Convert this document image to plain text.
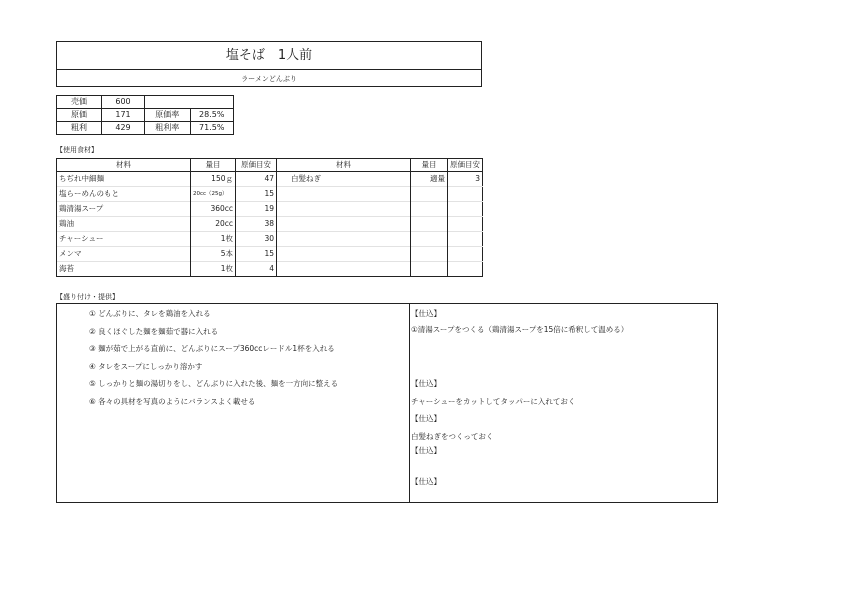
塩そば　1人前
ラーメンどんぶり
売価	600		
原価	171	原価率	28.5%
粗利	429	粗利率	71.5%
【使用食材】
材料	量目	原価目安	材料	量目	原価目安
ちぢれ中細麺	150ｇ	47	白髪ねぎ	適量	3
塩らーめんのもと	20cc（25g）	15			
鶏清湯スープ	360cc	19			
鶏油	20cc	38			
チャーシュー	1枚	30			
メンマ	5本	15			
海苔	1枚	4			
【盛り付け・提供】
① どんぶりに、タレを鶏油を入れる
② 良くほぐした麺を麺茹で器に入れる
③ 麺が茹で上がる直前に、どんぶりにスープ360ccレードル1杯を入れる
④ タレをスープにしっかり溶かす
⑤ しっかりと麺の湯切りをし、どんぶりに入れた後、麺を一方向に整える
⑥ 各々の具材を写真のようにバランスよく載せる
【仕込】
①清湯スープをつくる（鶏清湯スープを15倍に希釈して温める）
【仕込】
チャーシューをカットしてタッパーに入れておく
【仕込】
白髪ねぎをつくっておく
【仕込】
【仕込】
